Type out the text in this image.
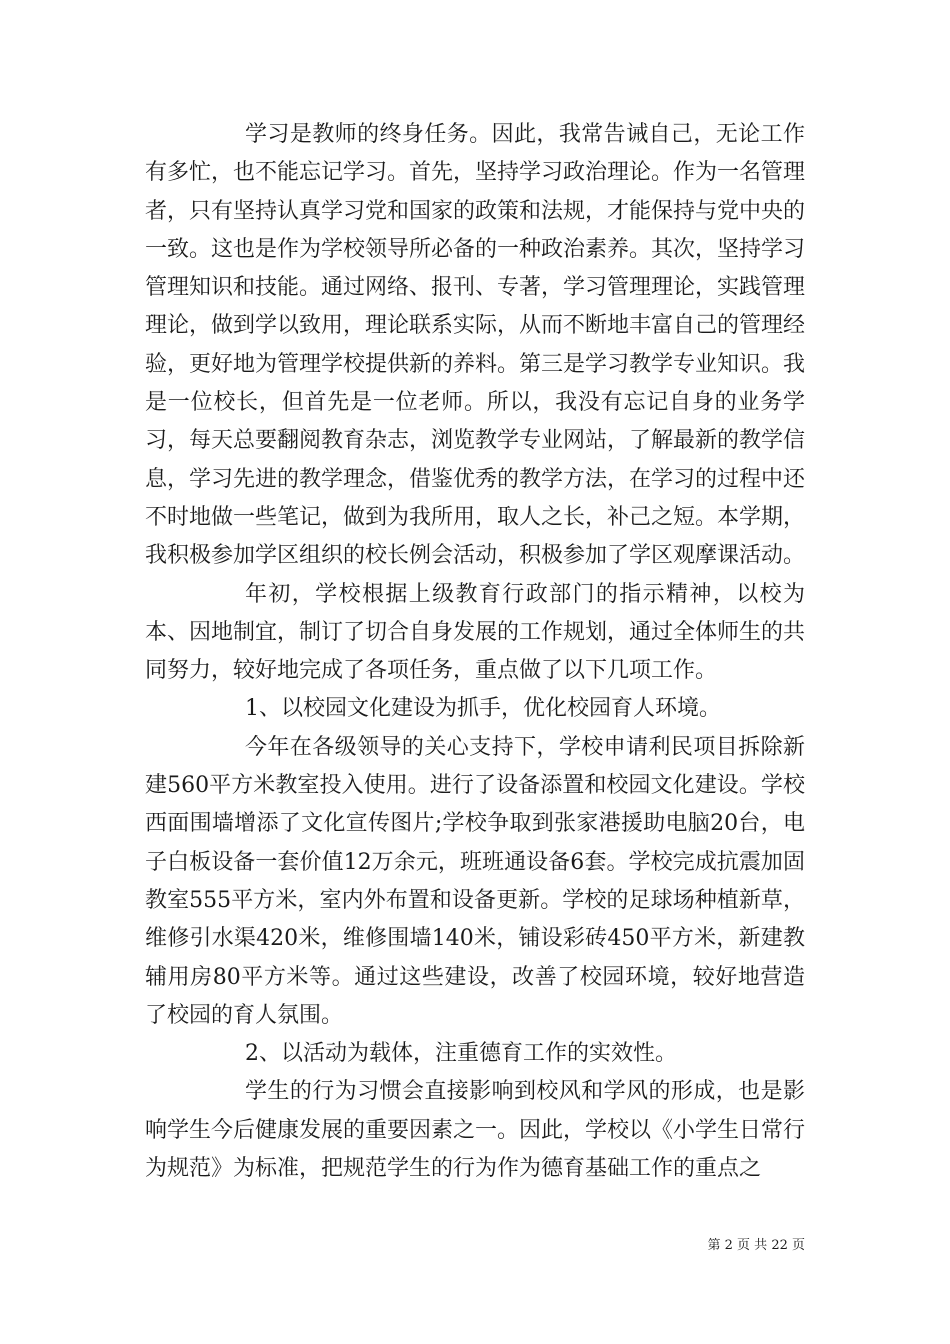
学习是教师的终身任务。因此，我常告诫自己，无论工作有多忙，也不能忘记学习。首先，坚持学习政治理论。作为一名管理者，只有坚持认真学习党和国家的政策和法规，才能保持与党中央的一致。这也是作为学校领导所必备的一种政治素养。其次，坚持学习管理知识和技能。通过网络、报刊、专著，学习管理理论，实践管理理论，做到学以致用，理论联系实际，从而不断地丰富自己的管理经验，更好地为管理学校提供新的养料。第三是学习教学专业知识。我是一位校长，但首先是一位老师。所以，我没有忘记自身的业务学习，每天总要翻阅教育杂志，浏览教学专业网站，了解最新的教学信息，学习先进的教学理念，借鉴优秀的教学方法，在学习的过程中还不时地做一些笔记，做到为我所用，取人之长，补己之短。本学期，我积极参加学区组织的校长例会活动，积极参加了学区观摩课活动。

年初，学校根据上级教育行政部门的指示精神，以校为本、因地制宜，制订了切合自身发展的工作规划，通过全体师生的共同努力，较好地完成了各项任务，重点做了以下几项工作。

1、以校园文化建设为抓手，优化校园育人环境。

今年在各级领导的关心支持下，学校申请利民项目拆除新建560平方米教室投入使用。进行了设备添置和校园文化建设。学校西面围墙增添了文化宣传图片;学校争取到张家港援助电脑20台，电子白板设备一套价值12万余元，班班通设备6套。学校完成抗震加固教室555平方米，室内外布置和设备更新。学校的足球场种植新草，维修引水渠420米，维修围墙140米，铺设彩砖450平方米，新建教辅用房80平方米等。通过这些建设，改善了校园环境，较好地营造了校园的育人氛围。

2、以活动为载体，注重德育工作的实效性。

学生的行为习惯会直接影响到校风和学风的形成，也是影响学生今后健康发展的重要因素之一。因此，学校以《小学生日常行为规范》为标准，把规范学生的行为作为德育基础工作的重点之

第 2 页 共 22 页
